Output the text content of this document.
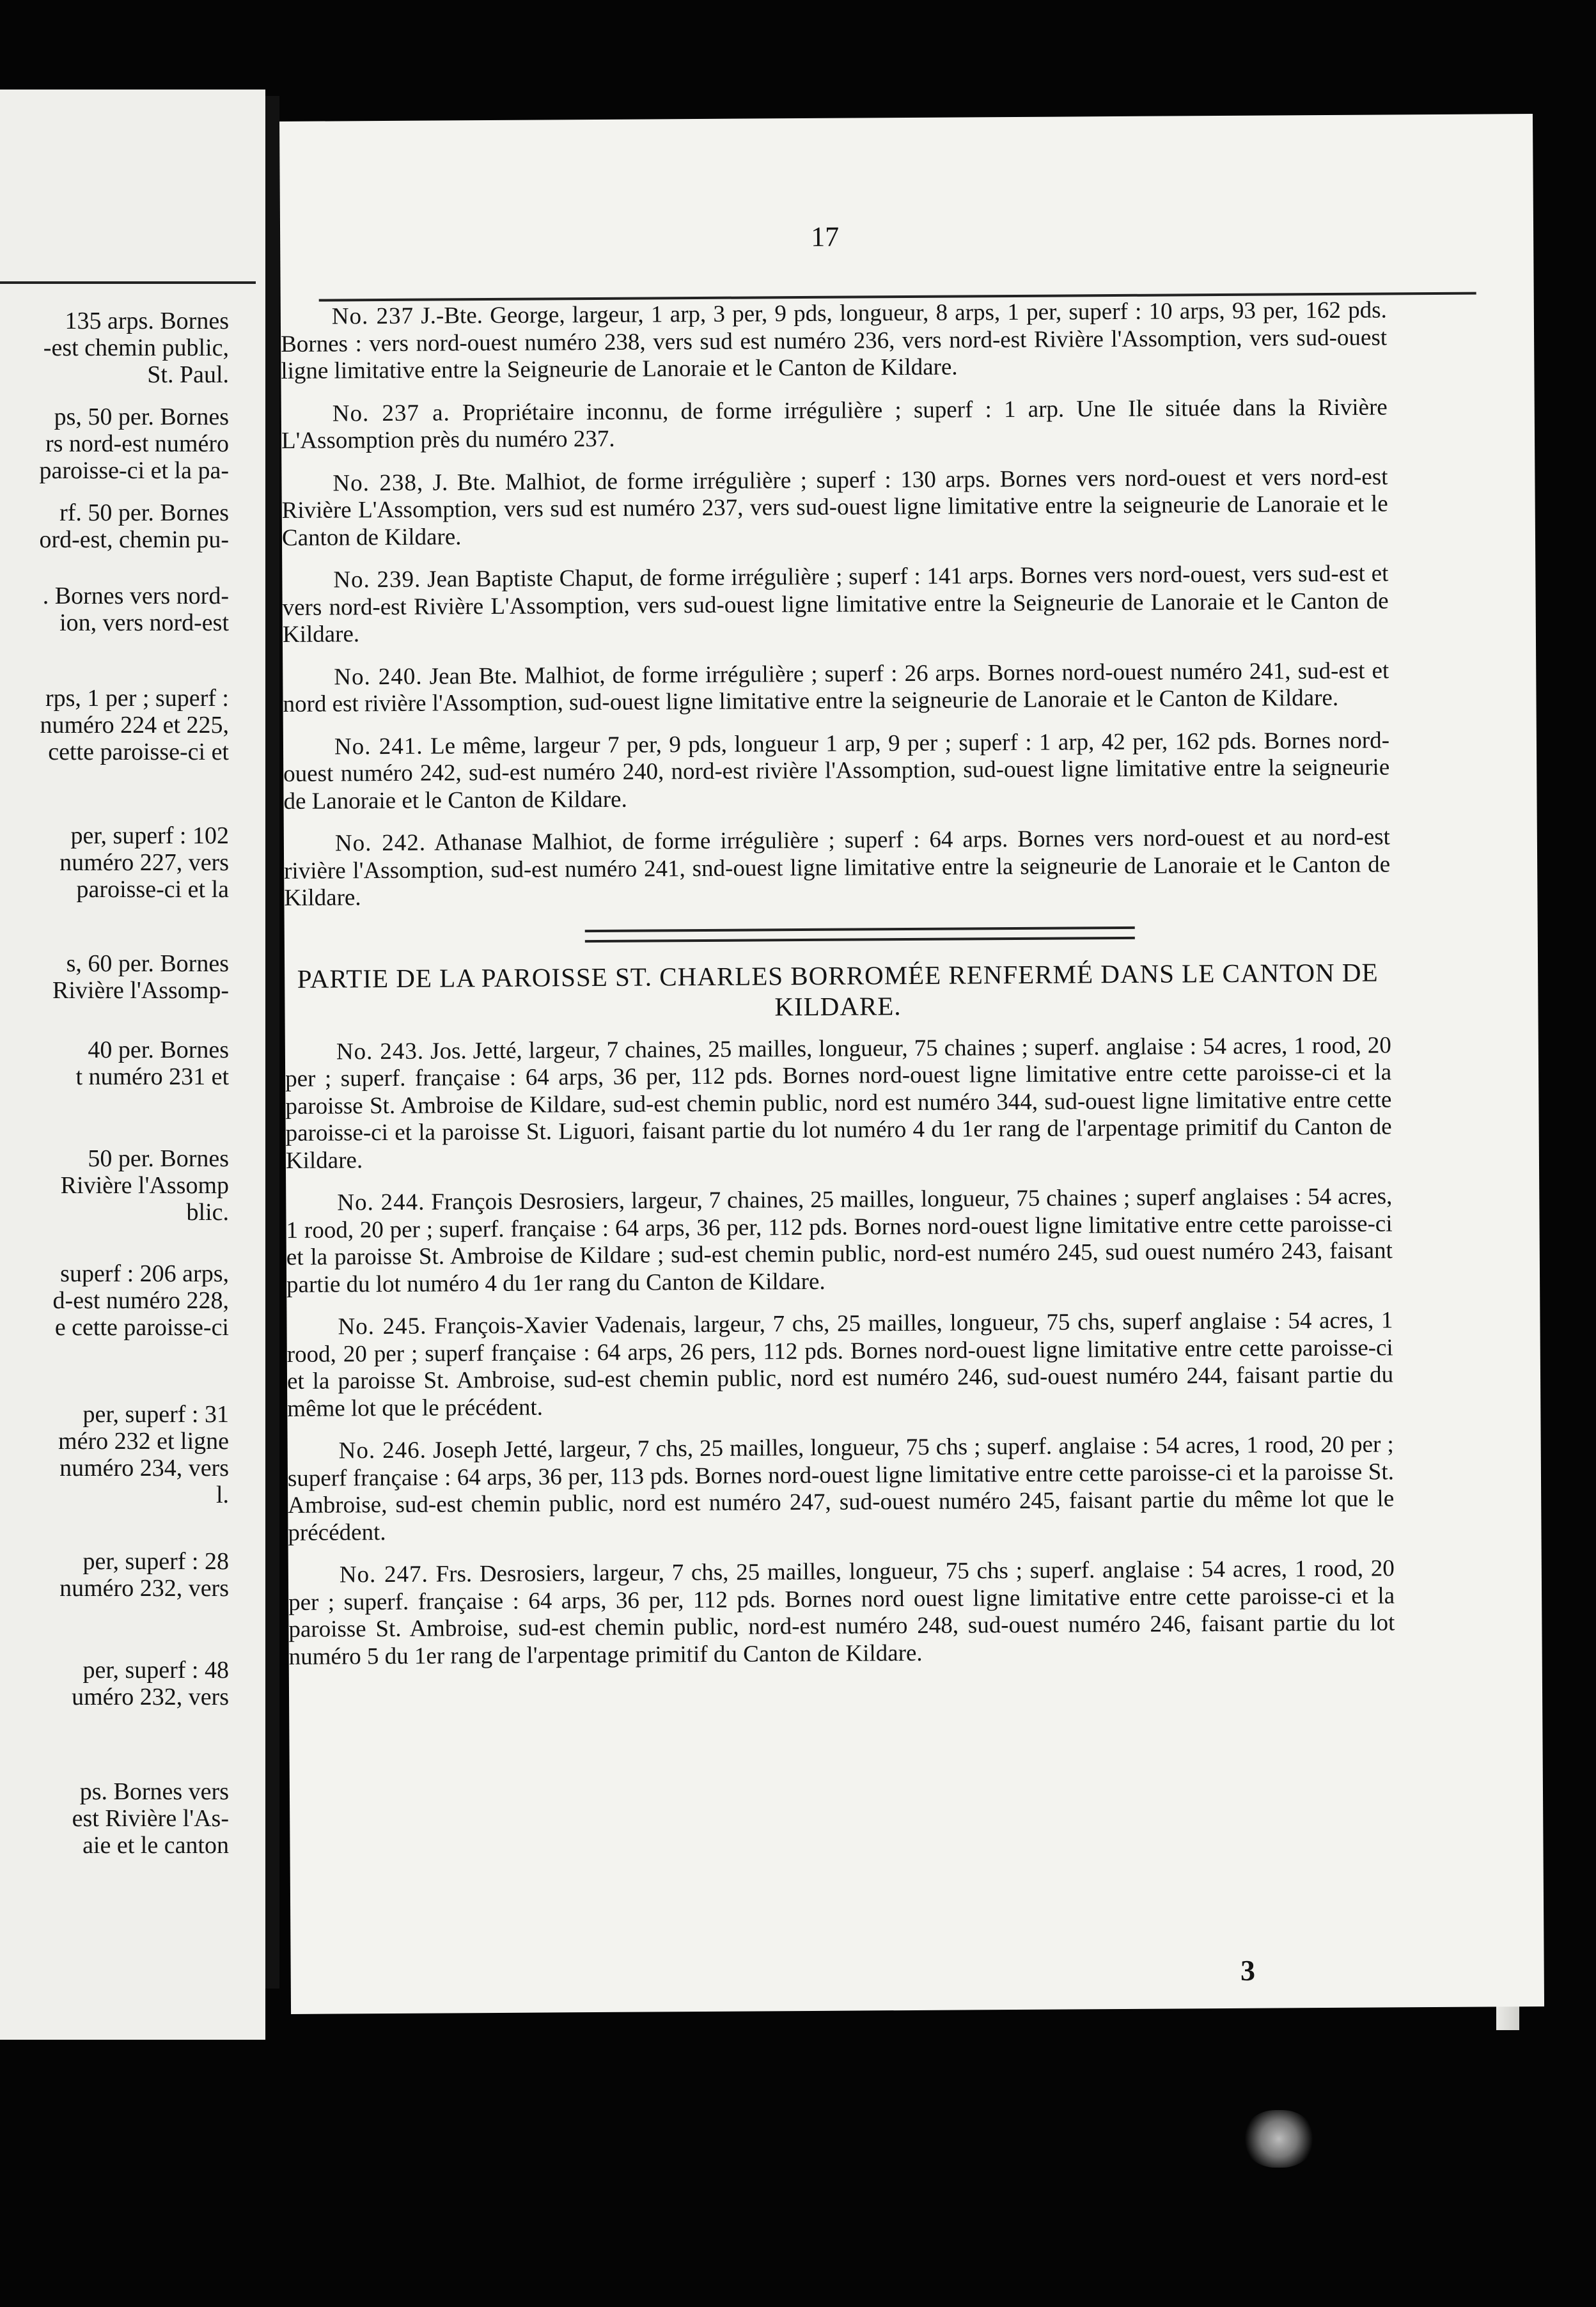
135 arps. Bornes
-est chemin public,
St. Paul.
ps, 50 per. Bornes
rs nord-est numéro
paroisse-ci et la pa-
rf. 50 per. Bornes
ord-est, chemin pu-
. Bornes vers nord-
ion, vers nord-est
rps, 1 per ; superf :
numéro 224 et 225,
cette paroisse-ci et
per, superf : 102
numéro 227, vers
paroisse-ci et la
s, 60 per. Bornes
Rivière l'Assomp-
40 per. Bornes
t numéro 231 et
50 per. Bornes
Rivière l'Assomp
blic.
superf : 206 arps,
d-est numéro 228,
e cette paroisse-ci
per, superf : 31
méro 232 et ligne
numéro 234, vers
l.
per, superf : 28
numéro 232, vers
per, superf : 48
uméro 232, vers
ps. Bornes vers
est Rivière l'As-
aie et le canton
17

No. 237 J.-Bte. George, largeur, 1 arp, 3 per, 9 pds, longueur, 8 arps, 1 per, superf : 10 arps, 93 per, 162 pds. Bornes : vers nord-ouest numéro 238, vers sud est numéro 236, vers nord-est Rivière l'Assomption, vers sud-ouest ligne limitative entre la Seigneurie de Lanoraie et le Canton de Kildare.

No. 237 a. Propriétaire inconnu, de forme irrégulière ; superf : 1 arp. Une Ile située dans la Rivière L'Assomption près du numéro 237.

No. 238, J. Bte. Malhiot, de forme irrégulière ; superf : 130 arps. Bornes vers nord-ouest et vers nord-est Rivière L'Assomption, vers sud est numéro 237, vers sud-ouest ligne limitative entre la seigneurie de Lanoraie et le Canton de Kildare.

No. 239. Jean Baptiste Chaput, de forme irrégulière ; superf : 141 arps. Bornes vers nord-ouest, vers sud-est et vers nord-est Rivière L'Assomption, vers sud-ouest ligne limitative entre la Seigneurie de Lanoraie et le Canton de Kildare.

No. 240. Jean Bte. Malhiot, de forme irrégulière ; superf : 26 arps. Bornes nord-ouest numéro 241, sud-est et nord est rivière l'Assomption, sud-ouest ligne limitative entre la seigneurie de Lanoraie et le Canton de Kildare.

No. 241. Le même, largeur 7 per, 9 pds, longueur 1 arp, 9 per ; superf : 1 arp, 42 per, 162 pds. Bornes nord-ouest numéro 242, sud-est numéro 240, nord-est rivière l'Assomption, sud-ouest ligne limitative entre la seigneurie de Lanoraie et le Canton de Kildare.

No. 242. Athanase Malhiot, de forme irrégulière ; superf : 64 arps. Bornes vers nord-ouest et au nord-est rivière l'Assomption, sud-est numéro 241, snd-ouest ligne limitative entre la seigneurie de Lanoraie et le Canton de Kildare.

PARTIE DE LA PAROISSE ST. CHARLES BORROMÉE RENFERMÉ DANS LE CANTON DE KILDARE.

No. 243. Jos. Jetté, largeur, 7 chaines, 25 mailles, longueur, 75 chaines ; superf. anglaise : 54 acres, 1 rood, 20 per ; superf. française : 64 arps, 36 per, 112 pds. Bornes nord-ouest ligne limitative entre cette paroisse-ci et la paroisse St. Ambroise de Kildare, sud-est chemin public, nord est numéro 344, sud-ouest ligne limitative entre cette paroisse-ci et la paroisse St. Liguori, faisant partie du lot numéro 4 du 1er rang de l'arpentage primitif du Canton de Kildare.

No. 244. François Desrosiers, largeur, 7 chaines, 25 mailles, longueur, 75 chaines ; superf anglaises : 54 acres, 1 rood, 20 per ; superf. française : 64 arps, 36 per, 112 pds. Bornes nord-ouest ligne limitative entre cette paroisse-ci et la paroisse St. Ambroise de Kildare ; sud-est chemin public, nord-est numéro 245, sud ouest numéro 243, faisant partie du lot numéro 4 du 1er rang du Canton de Kildare.

No. 245. François-Xavier Vadenais, largeur, 7 chs, 25 mailles, longueur, 75 chs, superf anglaise : 54 acres, 1 rood, 20 per ; superf française : 64 arps, 26 pers, 112 pds. Bornes nord-ouest ligne limitative entre cette paroisse-ci et la paroisse St. Ambroise, sud-est chemin public, nord est numéro 246, sud-ouest numéro 244, faisant partie du même lot que le précédent.

No. 246. Joseph Jetté, largeur, 7 chs, 25 mailles, longueur, 75 chs ; superf. anglaise : 54 acres, 1 rood, 20 per ; superf française : 64 arps, 36 per, 113 pds. Bornes nord-ouest ligne limitative entre cette paroisse-ci et la paroisse St. Ambroise, sud-est chemin public, nord est numéro 247, sud-ouest numéro 245, faisant partie du même lot que le précédent.

No. 247. Frs. Desrosiers, largeur, 7 chs, 25 mailles, longueur, 75 chs ; superf. anglaise : 54 acres, 1 rood, 20 per ; superf. française : 64 arps, 36 per, 112 pds. Bornes nord ouest ligne limitative entre cette paroisse-ci et la paroisse St. Ambroise, sud-est chemin public, nord-est numéro 248, sud-ouest numéro 246, faisant partie du lot numéro 5 du 1er rang de l'arpentage primitif du Canton de Kildare.

3
